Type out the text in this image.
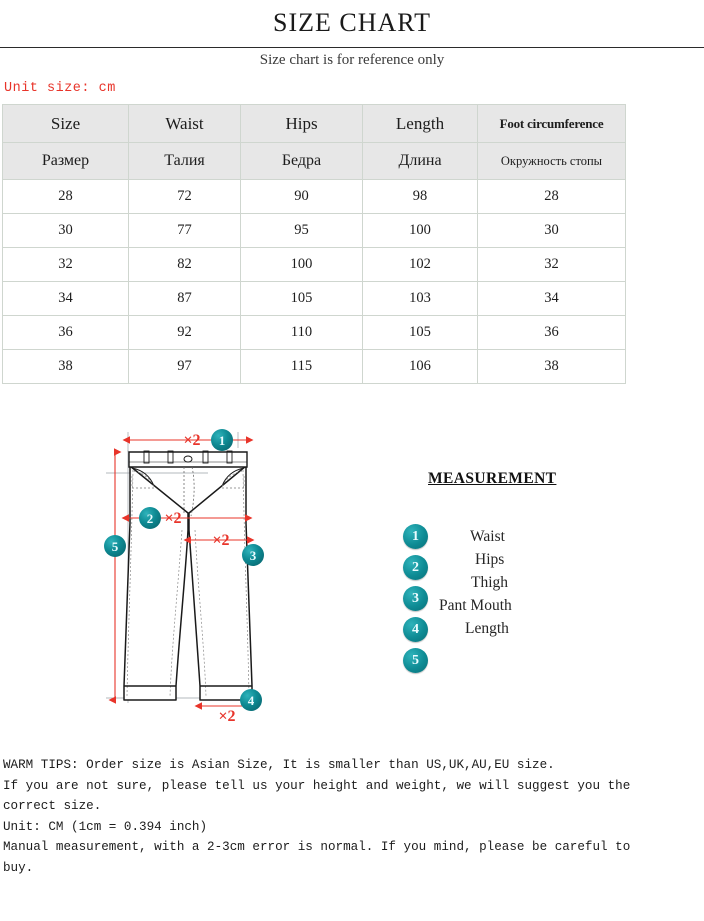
SIZE CHART
Size chart is for reference only
Unit size: cm
Size	Waist	Hips	Length	Foot circumference
Размер	Талия	Бедра	Длина	Окружность стопы
28	72	90	98	28
30	77	95	100	30
32	82	100	102	32
34	87	105	103	34
36	92	110	105	36
38	97	115	106	38
×2
×2
×2
×2
1
2
3
4
5
MEASUREMENT
1
2
3
4
5
Waist
Hips
Thigh
Pant Mouth
Length

WARM TIPS: Order size is Asian Size, It is smaller than US,UK,AU,EU size.

If you are not sure, please tell us your height and weight, we will suggest you the

correct size.

Unit: CM (1cm = 0.394 inch)

Manual measurement, with a 2-3cm error is normal. If you mind, please be careful to

buy.
